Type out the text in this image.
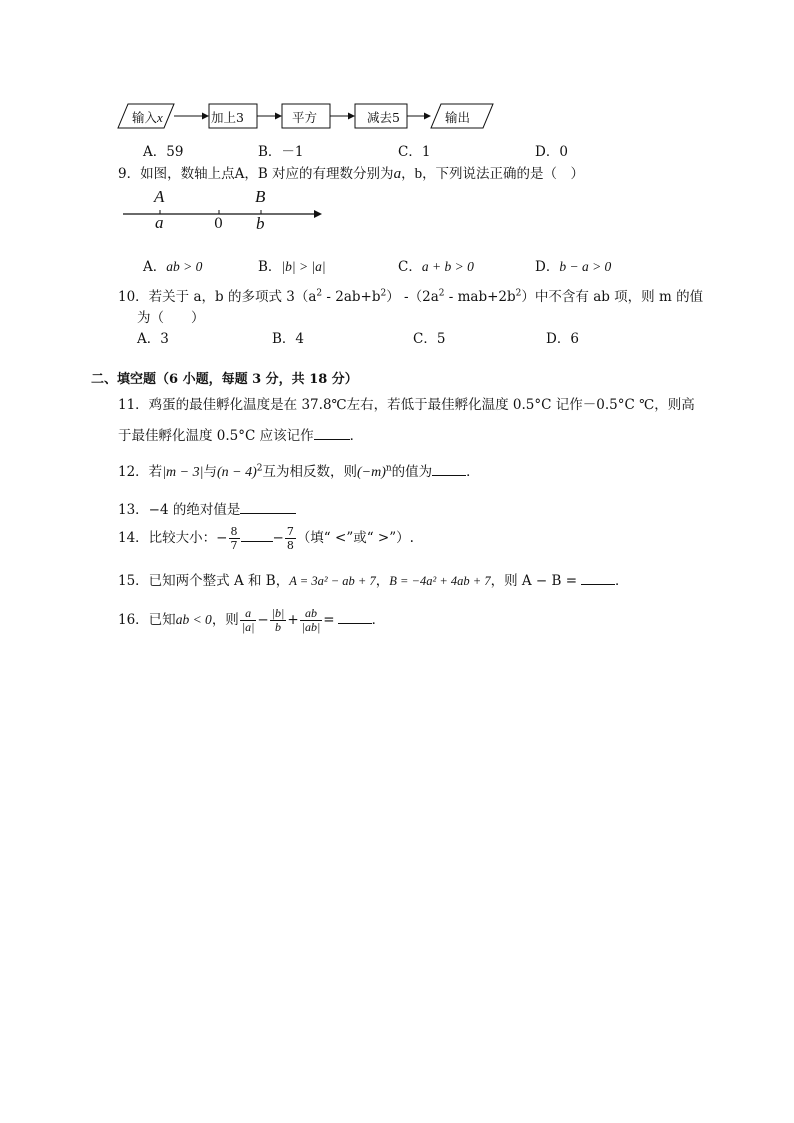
输入x	加上3	平方	减去5	输出
A．59	B．－1	C．1	D．0
9．如图，数轴上点A，B 对应的有理数分别为a，b，下列说法正确的是（　）
A	B
a	0 b
A．ab > 0	B．|b| > |a|	C．a + b > 0	D．b − a > 0
10．若关于 a，b 的多项式 $3(a^2 - 2ab+b^2)$ $-(2a^2 - mab+2b^2)$中不含有 ab 项，则 m 的值
为（　　）
A．3	B．4	C．5	D．6
二、填空题（6 小题，每题 3 分，共 18 分）
11．鸡蛋的最佳孵化温度是在 37.8℃左右，若低于最佳孵化温度 0.5°C 记作－0.5°C ℃，则高
于最佳孵化温度 0.5°C 应该记作	．
12．若|m − 3|与$(n - 4)^2$互为相反数，则$(-m)^n$的值为	．
13．−4 的绝对值是
14．比较大小：− $\frac{8}{7} - \frac{7}{8}$ （填“ <”或“ >”）.
15．已知两个整式 A 和 B，A = 3a² − ab + 7，B = −4a² + 4ab + 7，则 A − B =	．
16．已知ab < 0，则 $\frac{a}{|a|} - \frac{|b|}{b} + \frac{ab}{|ab|}$ =	．
